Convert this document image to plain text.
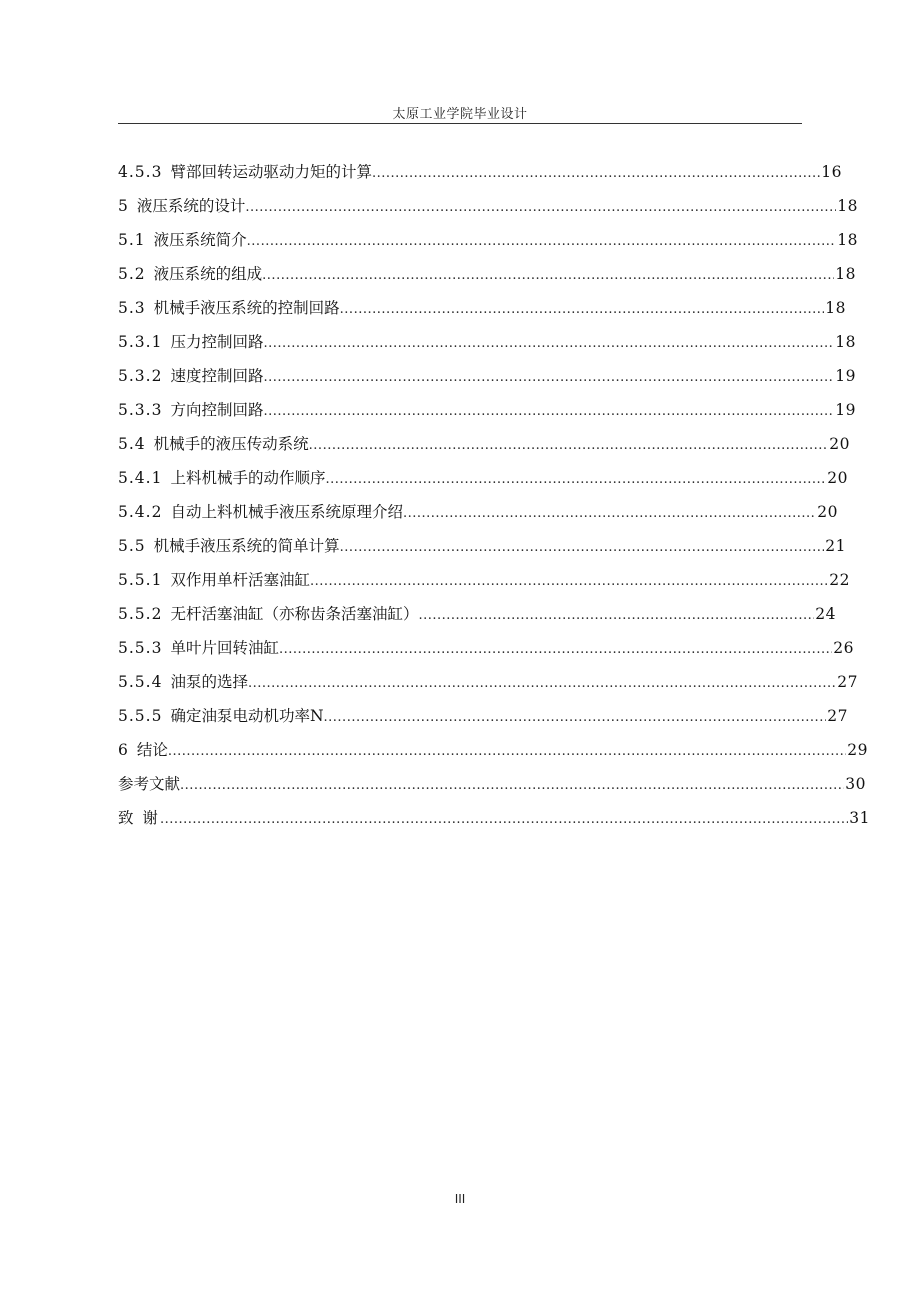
太原工业学院毕业设计
4.5.3 臂部回转运动驱动力矩的计算 .....	16
5 液压系统的设计 .....	18
5.1 液压系统简介 .....	18
5.2 液压系统的组成 .....	18
5.3 机械手液压系统的控制回路 .....	18
5.3.1 压力控制回路 .....	18
5.3.2 速度控制回路 .....	19
5.3.3 方向控制回路 .....	19
5.4 机械手的液压传动系统 .....	20
5.4.1 上料机械手的动作顺序 .....	20
5.4.2 自动上料机械手液压系统原理介绍 .....	20
5.5 机械手液压系统的简单计算 .....	21
5.5.1 双作用单杆活塞油缸 .....	22
5.5.2 无杆活塞油缸（亦称齿条活塞油缸） .....	24
5.5.3 单叶片回转油缸 .....	26
5.5.4 油泵的选择 .....	27
5.5.5 确定油泵电动机功率N .....	27
6 结论 .....	29
参考文献 .....	30
致 谢 .....	31
III
